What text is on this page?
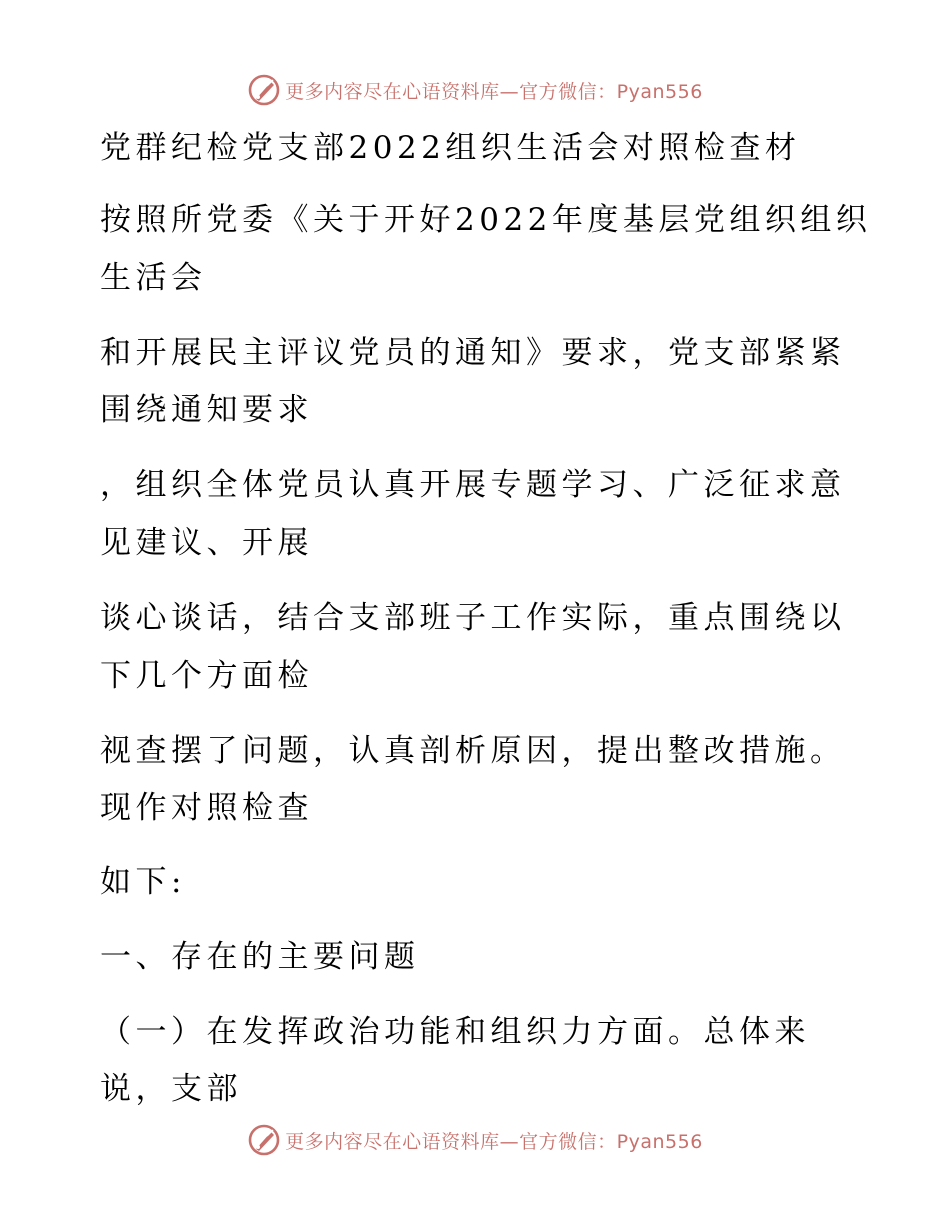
更多内容尽在心语资料库—官方微信：Pyan556
党群纪检党支部2022组织生活会对照检查材
按照所党委《关于开好2022年度基层党组织组织
生活会
和开展民主评议党员的通知》要求，党支部紧紧
围绕通知要求
，组织全体党员认真开展专题学习、广泛征求意
见建议、开展
谈心谈话，结合支部班子工作实际，重点围绕以
下几个方面检
视查摆了问题，认真剖析原因，提出整改措施。
现作对照检查
如下:
一、存在的主要问题
（一）在发挥政治功能和组织力方面。总体来
说，支部
更多内容尽在心语资料库—官方微信：Pyan556
